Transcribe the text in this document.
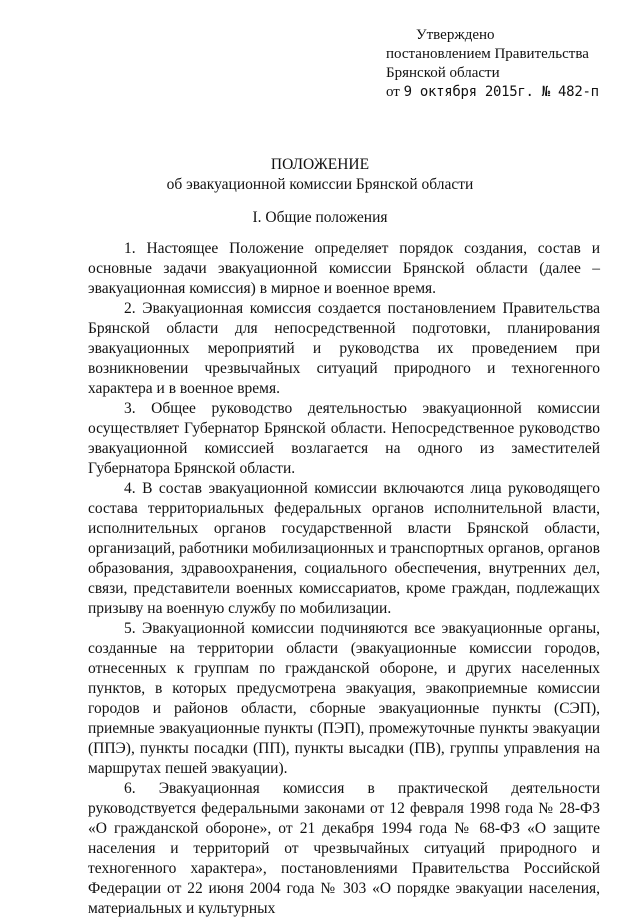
Утверждено
постановлением Правительства
Брянской области
от 9 октября 2015г. № 482-п
ПОЛОЖЕНИЕ
об эвакуационной комиссии Брянской области
I. Общие положения

1. Настоящее Положение определяет порядок создания, состав и основные задачи эвакуационной комиссии Брянской области (далее – эвакуационная комиссия) в мирное и военное время.

2. Эвакуационная комиссия создается постановлением Правительства Брянской области для непосредственной подготовки, планирования эвакуационных мероприятий и руководства их проведением при возникновении чрезвычайных ситуаций природного и техногенного характера и в военное время.

3. Общее руководство деятельностью эвакуационной комиссии осуществляет Губернатор Брянской области. Непосредственное руководство эвакуационной комиссией возлагается на одного из заместителей Губернатора Брянской области.

4. В состав эвакуационной комиссии включаются лица руководящего состава территориальных федеральных органов исполнительной власти, исполнительных органов государственной власти Брянской области, организаций, работники мобилизационных и транспортных органов, органов образования, здравоохранения, социального обеспечения, внутренних дел, связи, представители военных комиссариатов, кроме граждан, подлежащих призыву на военную службу по мобилизации.

5. Эвакуационной комиссии подчиняются все эвакуационные органы, созданные на территории области (эвакуационные комиссии городов, отнесенных к группам по гражданской обороне, и других населенных пунктов, в которых предусмотрена эвакуация, эвакоприемные комиссии городов и районов области, сборные эвакуационные пункты (СЭП), приемные эвакуационные пункты (ПЭП), промежуточные пункты эвакуации (ППЭ), пункты посадки (ПП), пункты высадки (ПВ), группы управления на маршрутах пешей эвакуации).

6. Эвакуационная комиссия в практической деятельности руководствуется федеральными законами от 12 февраля 1998 года № 28-ФЗ «О гражданской обороне», от 21 декабря 1994 года № 68-ФЗ «О защите населения и территорий от чрезвычайных ситуаций природного и техногенного характера», постановлениями Правительства Российской Федерации от 22 июня 2004 года № 303 «О порядке эвакуации населения, материальных и культурных
